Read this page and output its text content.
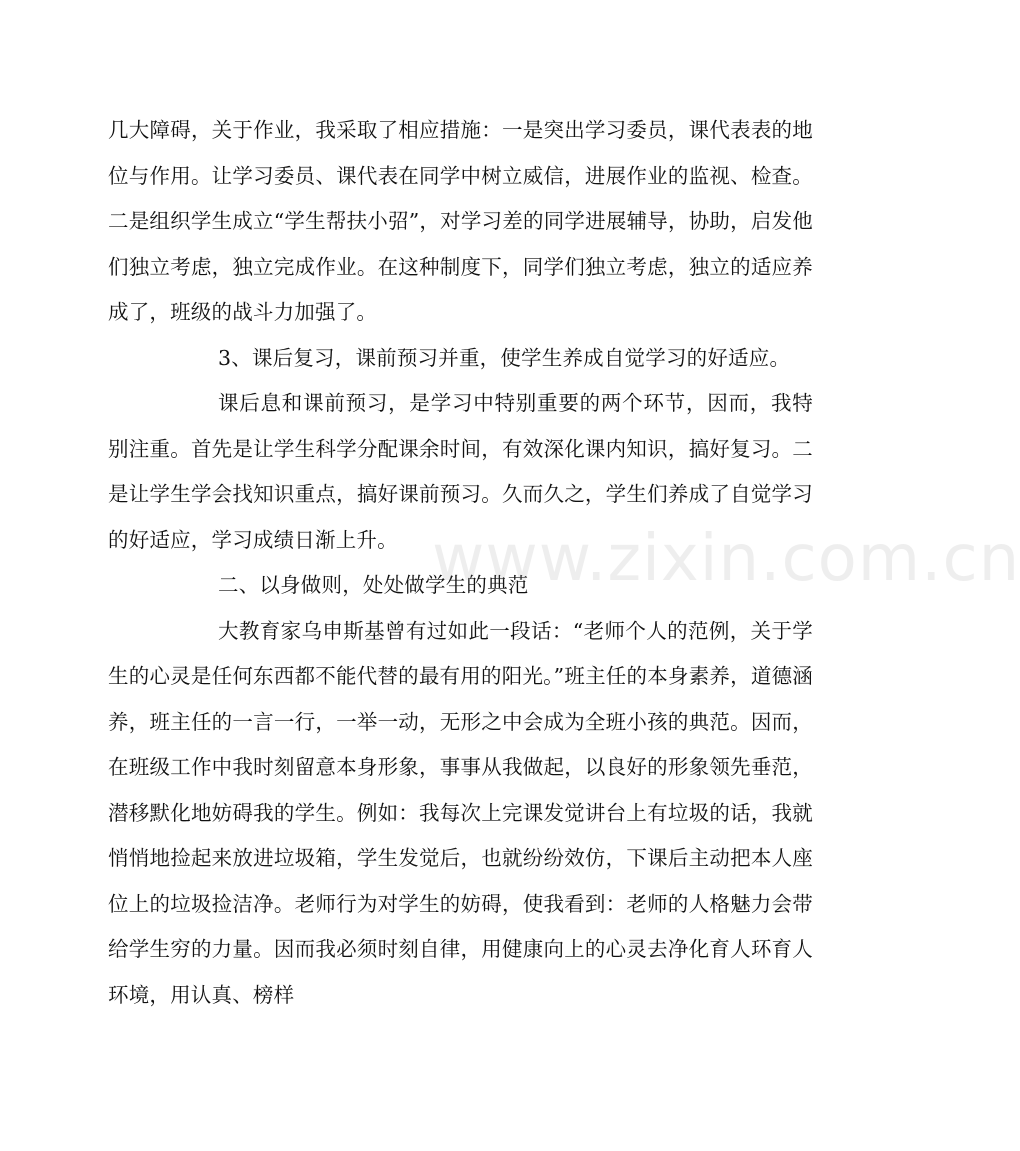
几大障碍，关于作业，我采取了相应措施：一是突出学习委员，课代表表的地位与作用。让学习委员、课代表在同学中树立威信，进展作业的监视、检查。二是组织学生成立“学生帮扶小弨”，对学习差的同学进展辅导，协助，启发他们独立考虑，独立完成作业。在这种制度下，同学们独立考虑，独立的适应养成了，班级的战斗力加强了。

3、课后复习，课前预习并重，使学生养成自觉学习的好适应。

课后息和课前预习，是学习中特别重要的两个环节，因而，我特别注重。首先是让学生科学分配课余时间，有效深化课内知识，搞好复习。二是让学生学会找知识重点，搞好课前预习。久而久之，学生们养成了自觉学习的好适应，学习成绩日渐上升。

二、以身做则，处处做学生的典范

大教育家乌申斯基曾有过如此一段话：“老师个人的范例，关于学生的心灵是任何东西都不能代替的最有用的阳光。”班主任的本身素养，道德涵养，班主任的一言一行，一举一动，无形之中会成为全班小孩的典范。因而，在班级工作中我时刻留意本身形象，事事从我做起，以良好的形象领先垂范，潜移默化地妨碍我的学生。例如：我每次上完课发觉讲台上有垃圾的话，我就悄悄地捡起来放进垃圾箱，学生发觉后，也就纷纷效仿，下课后主动把本人座位上的垃圾捡洁净。老师行为对学生的妨碍，使我看到：老师的人格魅力会带给学生穷的力量。因而我必须时刻自律，用健康向上的心灵去净化育人环育人环境，用认真、榜样

www.zixin.com.cn
